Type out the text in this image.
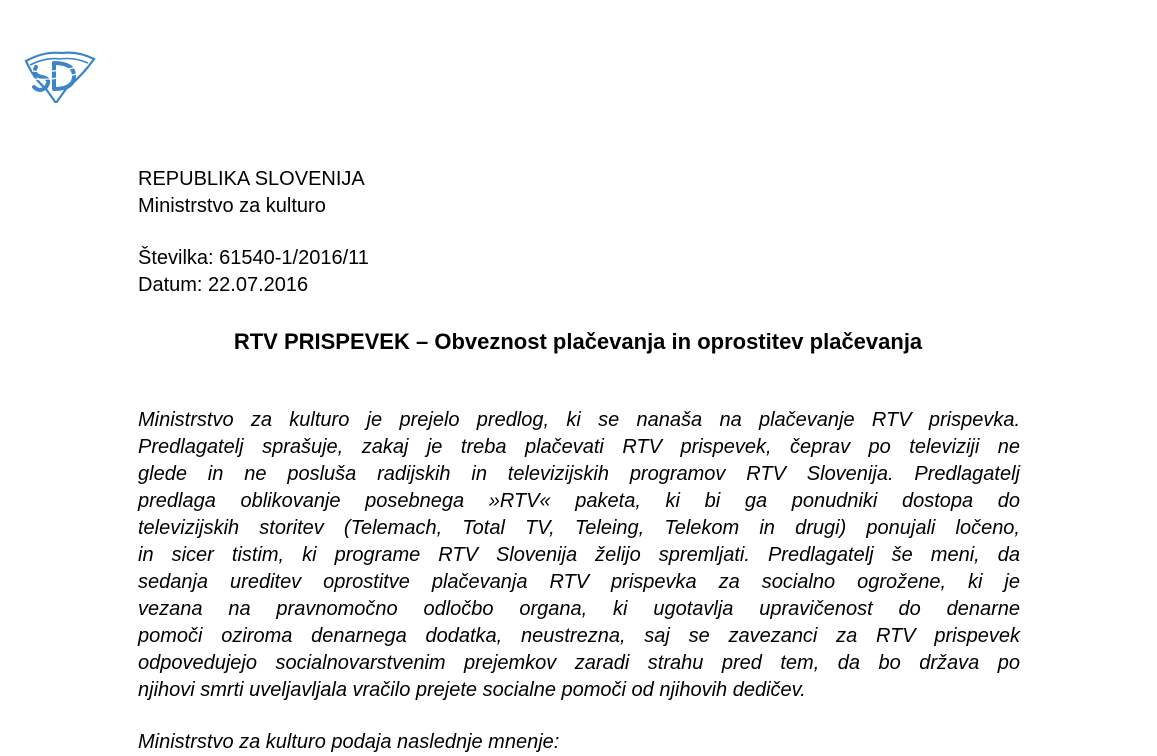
REPUBLIKA SLOVENIJA
Ministrstvo za kulturo
Številka: 61540-1/2016/11
Datum: 22.07.2016
RTV PRISPEVEK – Obveznost plačevanja in oprostitev plačevanja
Ministrstvo za kulturo je prejelo predlog, ki se nanaša na plačevanje RTV prispevka.
Predlagatelj sprašuje, zakaj je treba plačevati RTV prispevek, čeprav po televiziji ne
glede in ne posluša radijskih in televizijskih programov RTV Slovenija. Predlagatelj
predlaga oblikovanje posebnega »RTV« paketa, ki bi ga ponudniki dostopa do
televizijskih storitev (Telemach, Total TV, Teleing, Telekom in drugi) ponujali ločeno,
in sicer tistim, ki programe RTV Slovenija želijo spremljati. Predlagatelj še meni, da
sedanja ureditev oprostitve plačevanja RTV prispevka za socialno ogrožene, ki je
vezana na pravnomočno odločbo organa, ki ugotavlja upravičenost do denarne
pomoči oziroma denarnega dodatka, neustrezna, saj se zavezanci za RTV prispevek
odpovedujejo socialnovarstvenim prejemkov zaradi strahu pred tem, da bo država po
njihovi smrti uveljavljala vračilo prejete socialne pomoči od njihovih dedičev.
Ministrstvo za kulturo podaja naslednje mnenje:
